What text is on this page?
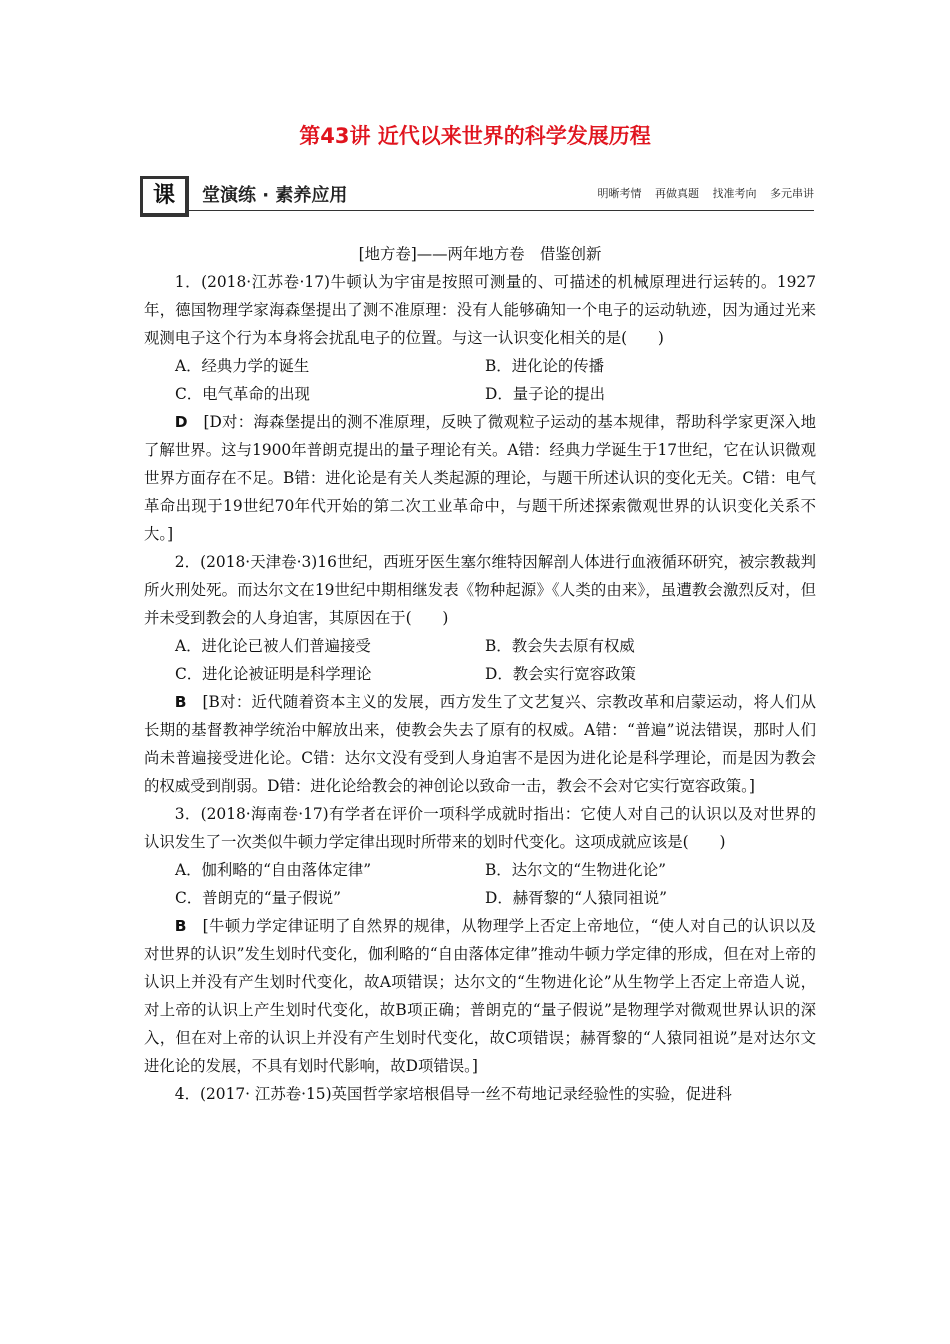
第43讲 近代以来世界的科学发展历程
课	堂演练 · 素养应用	明晰考情 再做真题 找准考向 多元串讲

[地方卷]——两年地方卷　借鉴创新

1．(2018·江苏卷·17)牛顿认为宇宙是按照可测量的、可描述的机械原理进行运转的。1927年，德国物理学家海森堡提出了测不准原理：没有人能够确知一个电子的运动轨迹，因为通过光来观测电子这个行为本身将会扰乱电子的位置。与这一认识变化相关的是(　　)

A．经典力学的诞生	B．进化论的传播
C．电气革命的出现	D．量子论的提出

D　 [D对：海森堡提出的测不准原理，反映了微观粒子运动的基本规律，帮助科学家更深入地了解世界。这与1900年普朗克提出的量子理论有关。A错：经典力学诞生于17世纪，它在认识微观世界方面存在不足。B错：进化论是有关人类起源的理论，与题干所述认识的变化无关。C错：电气革命出现于19世纪70年代开始的第二次工业革命中，与题干所述探索微观世界的认识变化关系不大。]

2．(2018·天津卷·3)16世纪，西班牙医生塞尔维特因解剖人体进行血液循环研究，被宗教裁判所火刑处死。而达尔文在19世纪中期相继发表《物种起源》《人类的由来》，虽遭教会激烈反对，但并未受到教会的人身迫害，其原因在于(　　)

A．进化论已被人们普遍接受	B．教会失去原有权威
C．进化论被证明是科学理论	D．教会实行宽容政策

B　 [B对：近代随着资本主义的发展，西方发生了文艺复兴、宗教改革和启蒙运动，将人们从长期的基督教神学统治中解放出来，使教会失去了原有的权威。A错：“普遍”说法错误，那时人们尚未普遍接受进化论。C错：达尔文没有受到人身迫害不是因为进化论是科学理论，而是因为教会的权威受到削弱。D错：进化论给教会的神创论以致命一击，教会不会对它实行宽容政策。]

3．(2018·海南卷·17)有学者在评价一项科学成就时指出：它使人对自己的认识以及对世界的认识发生了一次类似牛顿力学定律出现时所带来的划时代变化。这项成就应该是(　　)

A．伽利略的“自由落体定律”	B．达尔文的“生物进化论”
C．普朗克的“量子假说”	D．赫胥黎的“人猿同祖说”

B　 [牛顿力学定律证明了自然界的规律，从物理学上否定上帝地位，“使人对自己的认识以及对世界的认识”发生划时代变化，伽利略的“自由落体定律”推动牛顿力学定律的形成，但在对上帝的认识上并没有产生划时代变化，故A项错误；达尔文的“生物进化论”从生物学上否定上帝造人说，对上帝的认识上产生划时代变化，故B项正确；普朗克的“量子假说”是物理学对微观世界认识的深入，但在对上帝的认识上并没有产生划时代变化，故C项错误；赫胥黎的“人猿同祖说”是对达尔文进化论的发展，不具有划时代影响，故D项错误。]

4．(2017· 江苏卷·15)英国哲学家培根倡导一丝不苟地记录经验性的实验，促进科
